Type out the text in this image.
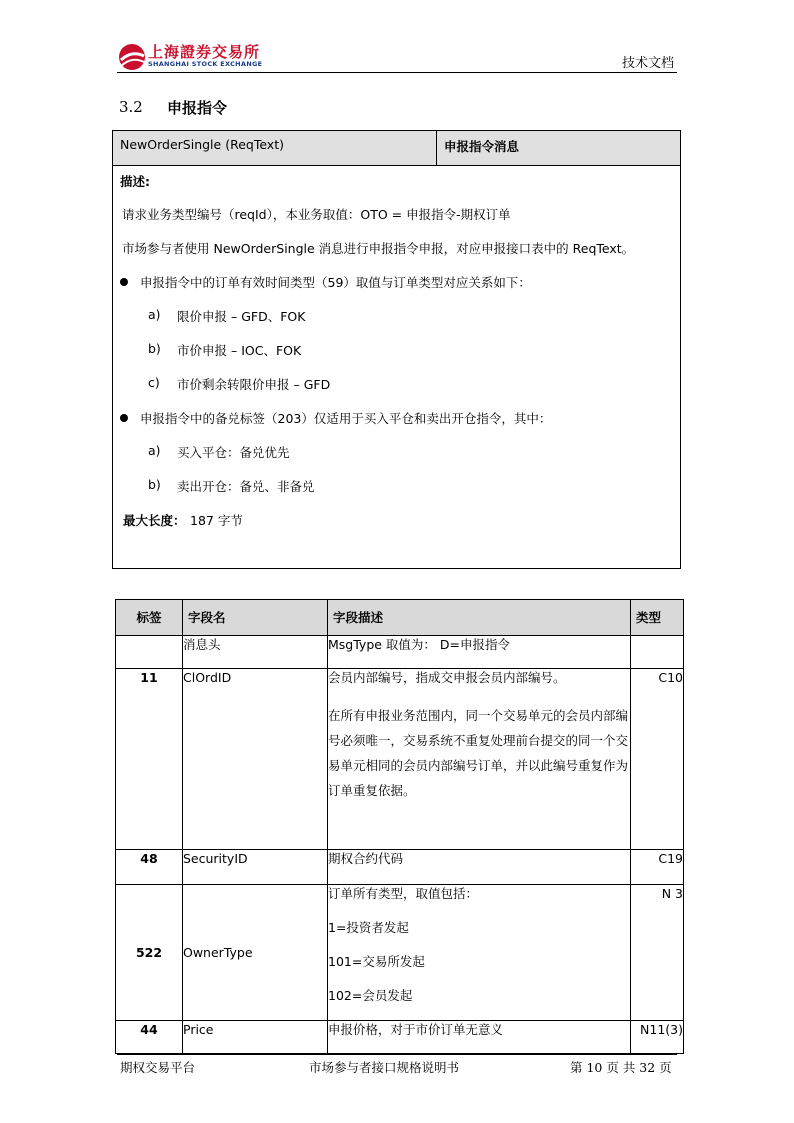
上海證券交易所
SHANGHAI STOCK EXCHANGE	技术文档
3.2 申报指令
NewOrderSingle (ReqText)	申报指令消息
描述:
请求业务类型编号（reqId），本业务取值：OTO = 申报指令-期权订单
市场参与者使用 NewOrderSingle 消息进行申报指令申报，对应申报接口表中的 ReqText。
申报指令中的订单有效时间类型（59）取值与订单类型对应关系如下：
a) 限价申报 – GFD、FOK
b) 市价申报 – IOC、FOK
c) 市价剩余转限价申报 – GFD
申报指令中的备兑标签（203）仅适用于买入平仓和卖出开仓指令，其中：
a) 买入平仓：备兑优先
b) 卖出开仓：备兑、非备兑
最大长度： 187 字节
标签	字段名	字段描述	类型
	消息头	MsgType 取值为： D=申报指令	

11	ClOrdID	会员内部编号，指成交申报会员内部编号。

在所有申报业务范围内，同一个交易单元的会员内部编号必须唯一，交易系统不重复处理前台提交的同一个交易单元相同的会员内部编号订单，并以此编号重复作为订单重复依据。	C10
48	SecurityID	期权合约代码	C19
522	OwnerType	订单所有类型，取值包括：

1=投资者发起

101=交易所发起

102=会员发起	N 3
44	Price	申报价格，对于市价订单无意义	N11(3)
期权交易平台	市场参与者接口规格说明书	第 10 页 共 32 页
